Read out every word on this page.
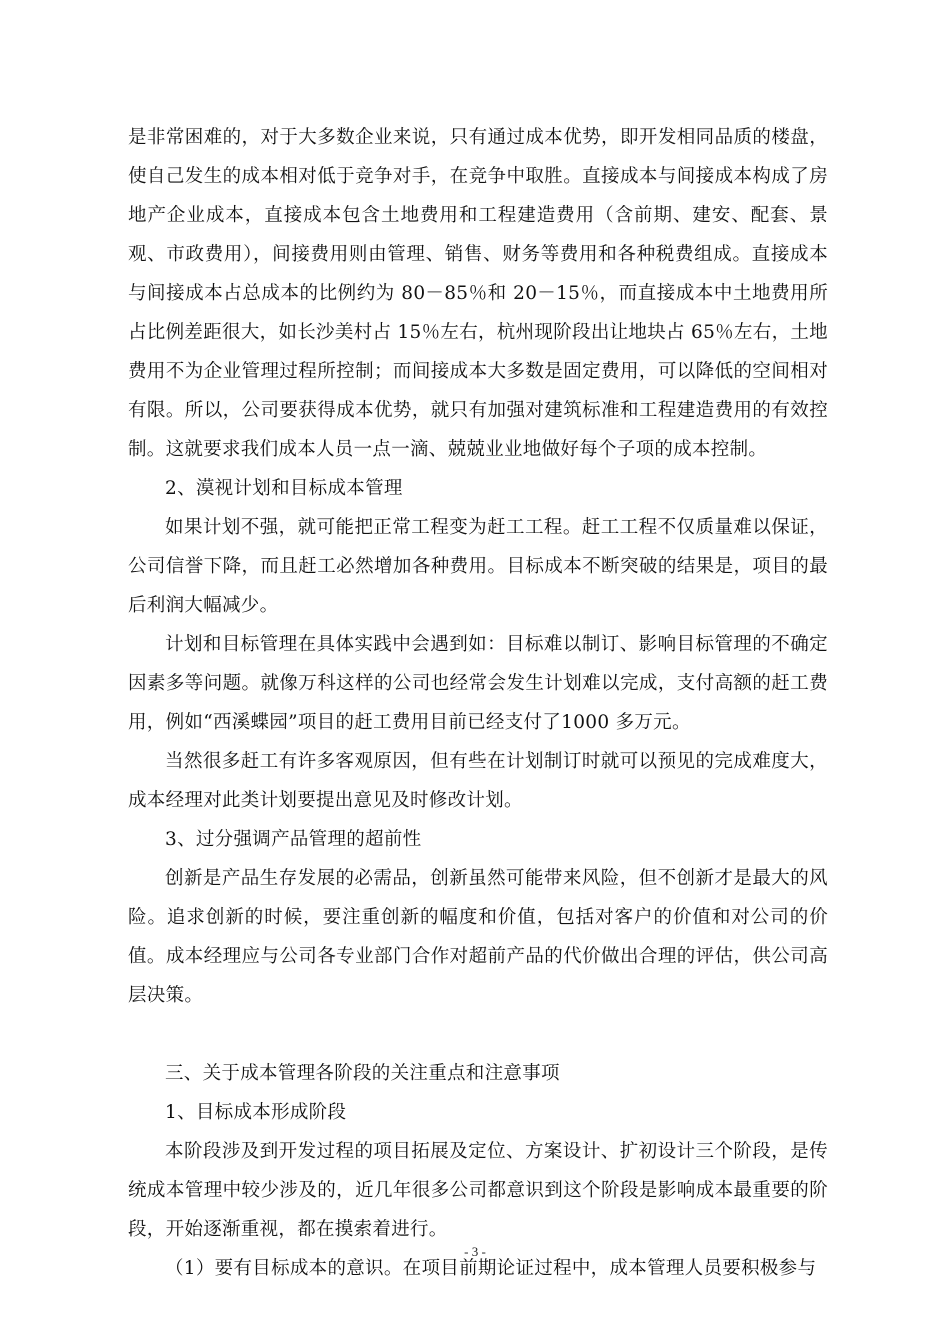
是非常困难的，对于大多数企业来说，只有通过成本优势，即开发相同品质的楼盘，使自己发生的成本相对低于竞争对手，在竞争中取胜。直接成本与间接成本构成了房地产企业成本，直接成本包含土地费用和工程建造费用（含前期、建安、配套、景观、市政费用），间接费用则由管理、销售、财务等费用和各种税费组成。直接成本与间接成本占总成本的比例约为 80－85％和 20－15％，而直接成本中土地费用所占比例差距很大，如长沙美村占 15％左右，杭州现阶段出让地块占 65％左右，土地费用不为企业管理过程所控制；而间接成本大多数是固定费用，可以降低的空间相对有限。所以，公司要获得成本优势，就只有加强对建筑标准和工程建造费用的有效控制。这就要求我们成本人员一点一滴、兢兢业业地做好每个子项的成本控制。

2、漠视计划和目标成本管理

如果计划不强，就可能把正常工程变为赶工工程。赶工工程不仅质量难以保证，公司信誉下降，而且赶工必然增加各种费用。目标成本不断突破的结果是，项目的最后利润大幅减少。

计划和目标管理在具体实践中会遇到如：目标难以制订、影响目标管理的不确定因素多等问题。就像万科这样的公司也经常会发生计划难以完成，支付高额的赶工费用，例如“西溪蝶园”项目的赶工费用目前已经支付了1000 多万元。

当然很多赶工有许多客观原因，但有些在计划制订时就可以预见的完成难度大，成本经理对此类计划要提出意见及时修改计划。

3、过分强调产品管理的超前性

创新是产品生存发展的必需品，创新虽然可能带来风险，但不创新才是最大的风险。追求创新的时候，要注重创新的幅度和价值，包括对客户的价值和对公司的价值。成本经理应与公司各专业部门合作对超前产品的代价做出合理的评估，供公司高层决策。

三、关于成本管理各阶段的关注重点和注意事项

1、目标成本形成阶段

本阶段涉及到开发过程的项目拓展及定位、方案设计、扩初设计三个阶段，是传统成本管理中较少涉及的，近几年很多公司都意识到这个阶段是影响成本最重要的阶段，开始逐渐重视，都在摸索着进行。

（1）要有目标成本的意识。在项目前期论证过程中，成本管理人员要积极参与

- 3 -
